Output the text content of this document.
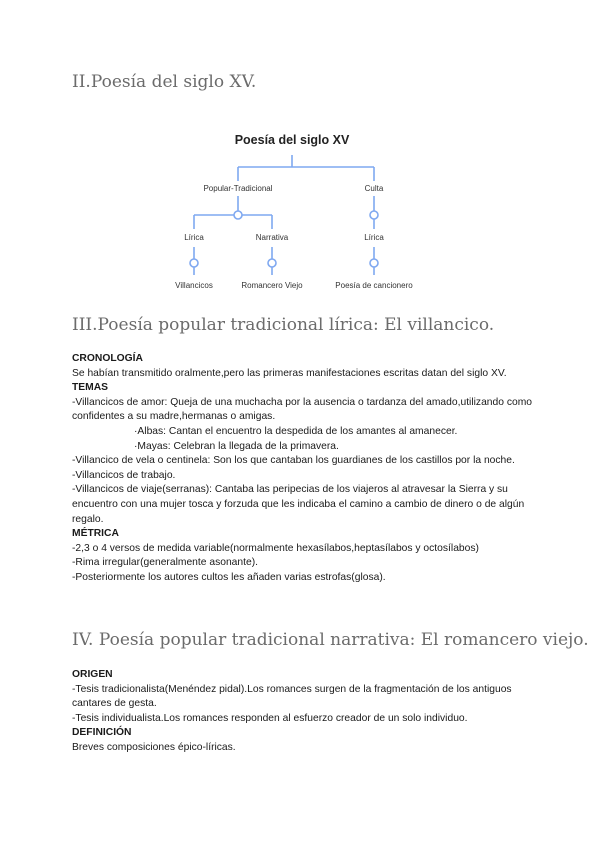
II.Poesía del siglo XV.
Poesía del siglo XV
Popular-Tradicional	Culta
Lírica	Narrativa	Lírica
Villancicos	Romancero Viejo	Poesía de cancionero
III.Poesía popular tradicional lírica: El villancico.

CRONOLOGÍA

Se habían transmitido oralmente,pero las primeras manifestaciones escritas datan del siglo XV.

TEMAS

-Villancicos de amor: Queja de una muchacha por la ausencia o tardanza del amado,utilizando como confidentes a su madre,hermanas o amigas.

·Albas: Cantan el encuentro la despedida de los amantes al amanecer.

·Mayas: Celebran la llegada de la primavera.

-Villancico de vela o centinela: Son los que cantaban los guardianes de los castillos por la noche.

-Villancicos de trabajo.

-Villancicos de viaje(serranas): Cantaba las peripecias de los viajeros al atravesar la Sierra y su encuentro con una mujer tosca y forzuda que les indicaba el camino a cambio de dinero o de algún regalo.

MÉTRICA

-2,3 o 4 versos de medida variable(normalmente hexasílabos,heptasílabos y octosílabos)

-Rima irregular(generalmente asonante).

-Posteriormente los autores cultos les añaden varias estrofas(glosa).

IV. Poesía popular tradicional narrativa: El romancero viejo.

ORIGEN

-Tesis tradicionalista(Menéndez pidal).Los romances surgen de la fragmentación de los antiguos cantares de gesta.

-Tesis individualista.Los romances responden al esfuerzo creador de un solo individuo.

DEFINICIÓN

Breves composiciones épico-líricas.
